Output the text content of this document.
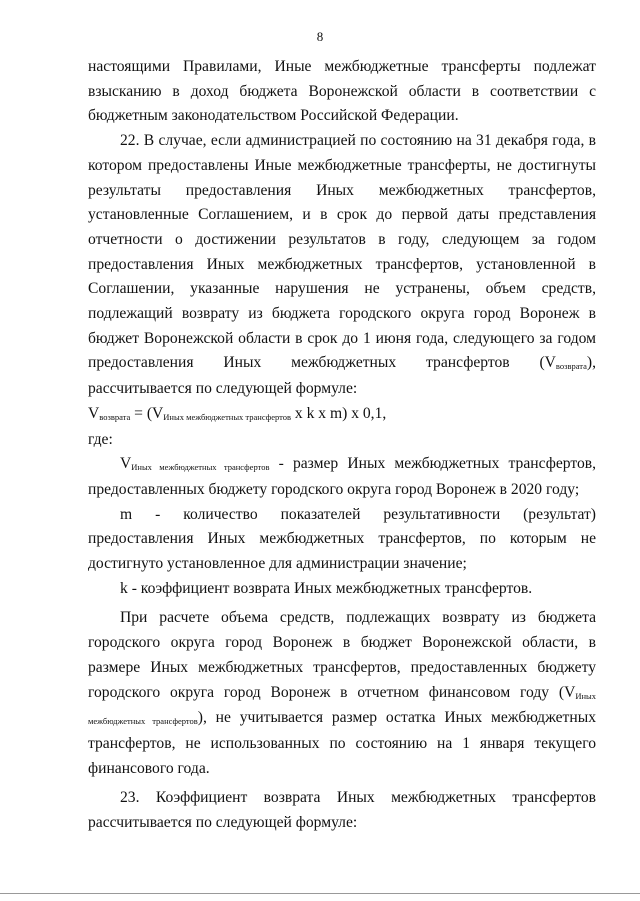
8

настоящими Правилами, Иные межбюджетные трансферты подлежат взысканию в доход бюджета Воронежской области в соответствии с бюджетным законодательством Российской Федерации.

22. В случае, если администрацией по состоянию на 31 декабря года, в котором предоставлены Иные межбюджетные трансферты, не достигнуты результаты предоставления Иных межбюджетных трансфертов, установленные Соглашением, и в срок до первой даты представления отчетности о достижении результатов в году, следующем за годом предоставления Иных межбюджетных трансфертов, установленной в Соглашении, указанные нарушения не устранены, объем средств, подлежащий возврату из бюджета городского округа город Воронеж в бюджет Воронежской области в срок до 1 июня года, следующего за годом предоставления Иных межбюджетных трансфертов $(V_{возврата})$, рассчитывается по следующей формуле:

$V_{возврата} = (V_{Иных межбюджетных трансфертов}$ x k x m) x 0,1,

где:

$V_{Иных межбюджетных трансфертов}$ - размер Иных межбюджетных трансфертов, предоставленных бюджету городского округа город Воронеж в 2020 году;

m - количество показателей результативности (результат) предоставления Иных межбюджетных трансфертов, по которым не достигнуто установленное для администрации значение;

k - коэффициент возврата Иных межбюджетных трансфертов.

При расчете объема средств, подлежащих возврату из бюджета городского округа город Воронеж в бюджет Воронежской области, в размере Иных межбюджетных трансфертов, предоставленных бюджету городского округа город Воронеж в отчетном финансовом году $(V_{Иных межбюджетных трансфертов})$, не учитывается размер остатка Иных межбюджетных трансфертов, не использованных по состоянию на 1 января текущего финансового года.

23. Коэффициент возврата Иных межбюджетных трансфертов рассчитывается по следующей формуле:
